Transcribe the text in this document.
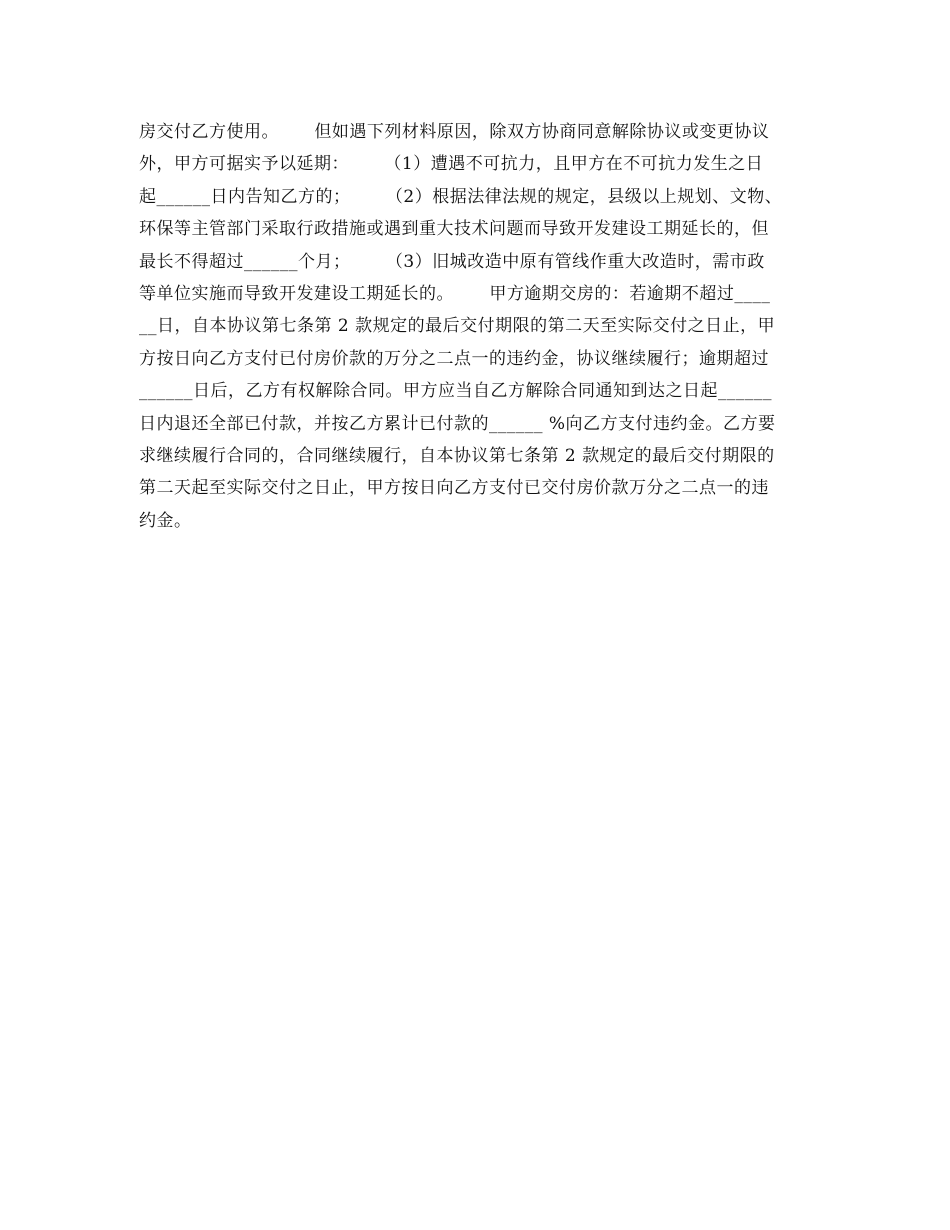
房交付乙方使用。      但如遇下列材料原因，除双方协商同意解除协议或变更协议
外，甲方可据实予以延期：      （1）遭遇不可抗力，且甲方在不可抗力发生之日
起______日内告知乙方的；      （2）根据法律法规的规定，县级以上规划、文物、
环保等主管部门采取行政措施或遇到重大技术问题而导致开发建设工期延长的，但
最长不得超过______个月；      （3）旧城改造中原有管线作重大改造时，需市政
等单位实施而导致开发建设工期延长的。      甲方逾期交房的：若逾期不超过____
__日，自本协议第七条第 2 款规定的最后交付期限的第二天至实际交付之日止，甲
方按日向乙方支付已付房价款的万分之二点一的违约金，协议继续履行；逾期超过
______日后，乙方有权解除合同。甲方应当自乙方解除合同通知到达之日起______
日内退还全部已付款，并按乙方累计已付款的______ %向乙方支付违约金。乙方要
求继续履行合同的，合同继续履行，自本协议第七条第 2 款规定的最后交付期限的
第二天起至实际交付之日止，甲方按日向乙方支付已交付房价款万分之二点一的违
约金。
